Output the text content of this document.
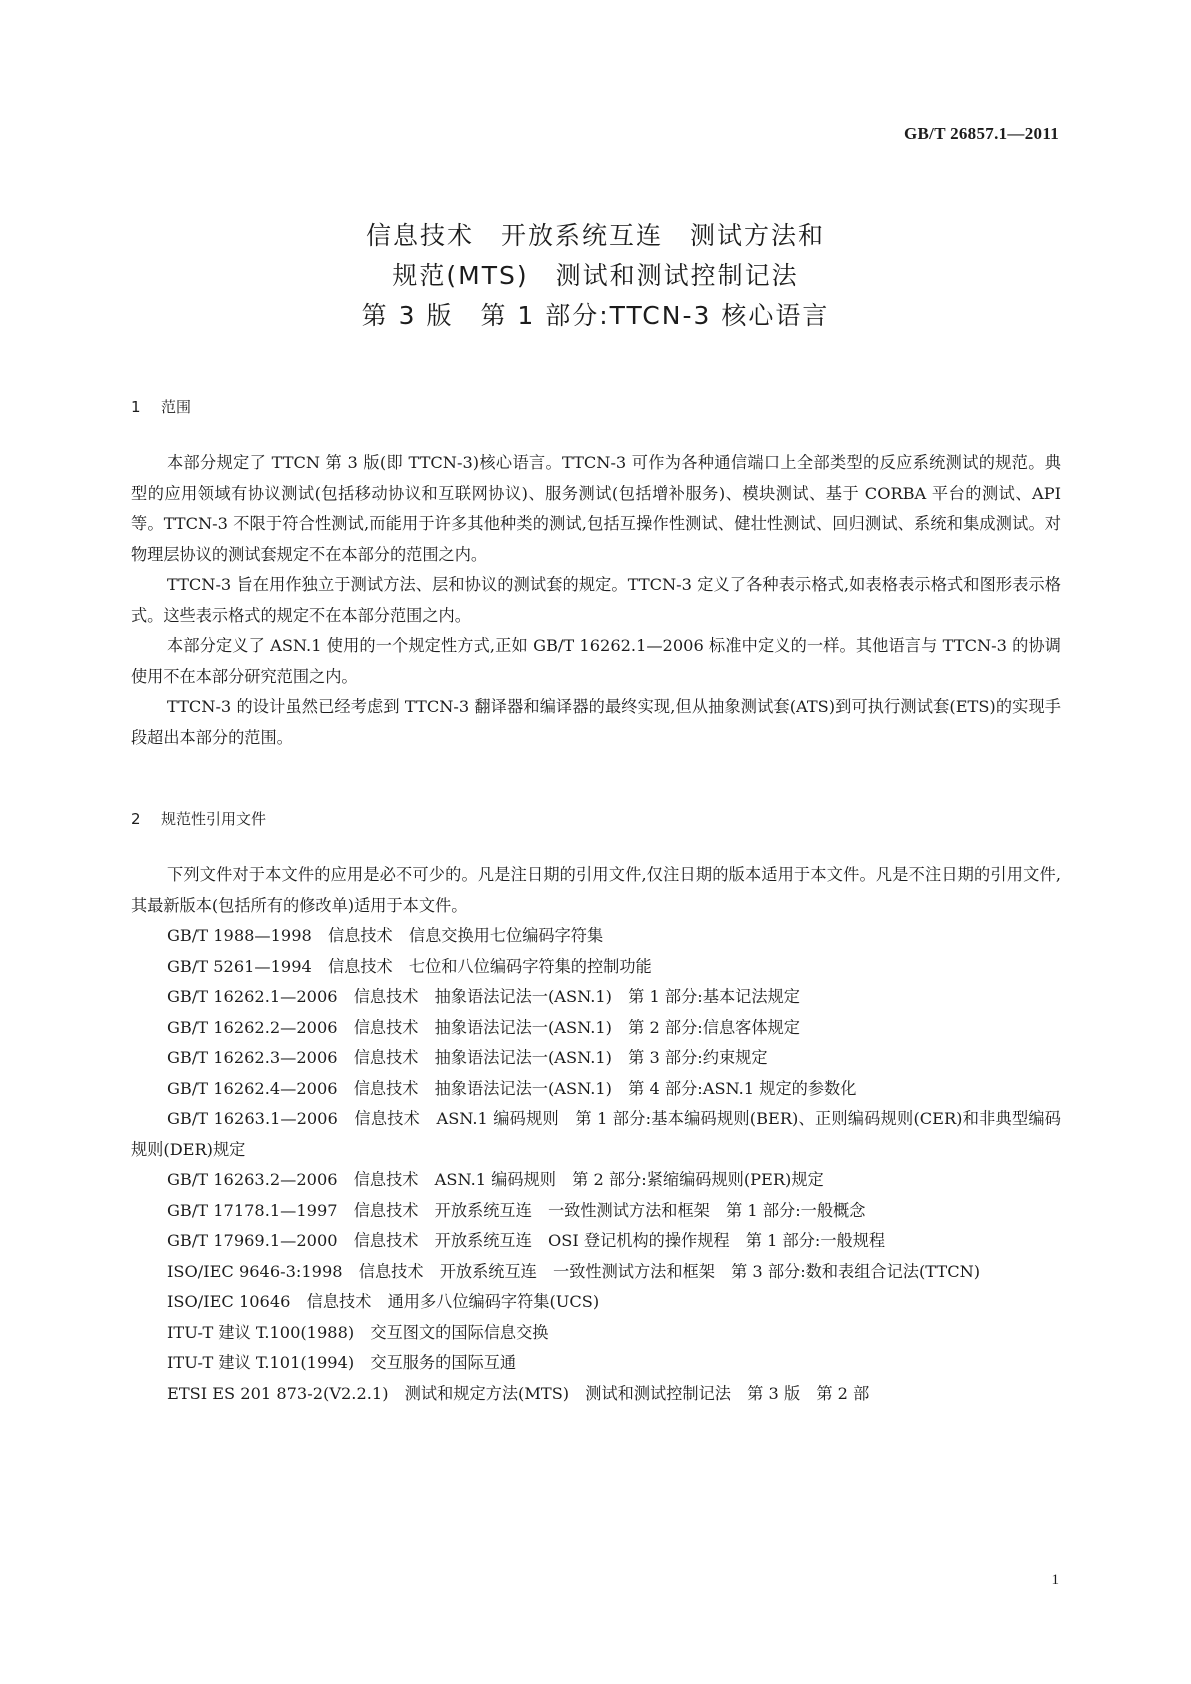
GB/T 26857.1—2011
信息技术　开放系统互连　测试方法和
规范(MTS)　测试和测试控制记法
第 3 版　第 1 部分:TTCN-3 核心语言
1 范围

本部分规定了 TTCN 第 3 版(即 TTCN-3)核心语言。TTCN-3 可作为各种通信端口上全部类型的反应系统测试的规范。典型的应用领域有协议测试(包括移动协议和互联网协议)、服务测试(包括增补服务)、模块测试、基于 CORBA 平台的测试、API 等。TTCN-3 不限于符合性测试,而能用于许多其他种类的测试,包括互操作性测试、健壮性测试、回归测试、系统和集成测试。对物理层协议的测试套规定不在本部分的范围之内。

TTCN-3 旨在用作独立于测试方法、层和协议的测试套的规定。TTCN-3 定义了各种表示格式,如表格表示格式和图形表示格式。这些表示格式的规定不在本部分范围之内。

本部分定义了 ASN.1 使用的一个规定性方式,正如 GB/T 16262.1—2006 标准中定义的一样。其他语言与 TTCN-3 的协调使用不在本部分研究范围之内。

TTCN-3 的设计虽然已经考虑到 TTCN-3 翻译器和编译器的最终实现,但从抽象测试套(ATS)到可执行测试套(ETS)的实现手段超出本部分的范围。

2 规范性引用文件

下列文件对于本文件的应用是必不可少的。凡是注日期的引用文件,仅注日期的版本适用于本文件。凡是不注日期的引用文件,其最新版本(包括所有的修改单)适用于本文件。

GB/T 1988—1998　信息技术　信息交换用七位编码字符集

GB/T 5261—1994　信息技术　七位和八位编码字符集的控制功能

GB/T 16262.1—2006　信息技术　抽象语法记法一(ASN.1)　第 1 部分:基本记法规定

GB/T 16262.2—2006　信息技术　抽象语法记法一(ASN.1)　第 2 部分:信息客体规定

GB/T 16262.3—2006　信息技术　抽象语法记法一(ASN.1)　第 3 部分:约束规定

GB/T 16262.4—2006　信息技术　抽象语法记法一(ASN.1)　第 4 部分:ASN.1 规定的参数化

GB/T 16263.1—2006　信息技术　ASN.1 编码规则　第 1 部分:基本编码规则(BER)、正则编码规则(CER)和非典型编码规则(DER)规定

GB/T 16263.2—2006　信息技术　ASN.1 编码规则　第 2 部分:紧缩编码规则(PER)规定

GB/T 17178.1—1997　信息技术　开放系统互连　一致性测试方法和框架　第 1 部分:一般概念

GB/T 17969.1—2000　信息技术　开放系统互连　OSI 登记机构的操作规程　第 1 部分:一般规程

ISO/IEC 9646-3:1998　信息技术　开放系统互连　一致性测试方法和框架　第 3 部分:数和表组合记法(TTCN)

ISO/IEC 10646　信息技术　通用多八位编码字符集(UCS)

ITU-T 建议 T.100(1988)　交互图文的国际信息交换

ITU-T 建议 T.101(1994)　交互服务的国际互通

ETSI ES 201 873-2(V2.2.1)　测试和规定方法(MTS)　测试和测试控制记法　第 3 版　第 2 部

1
